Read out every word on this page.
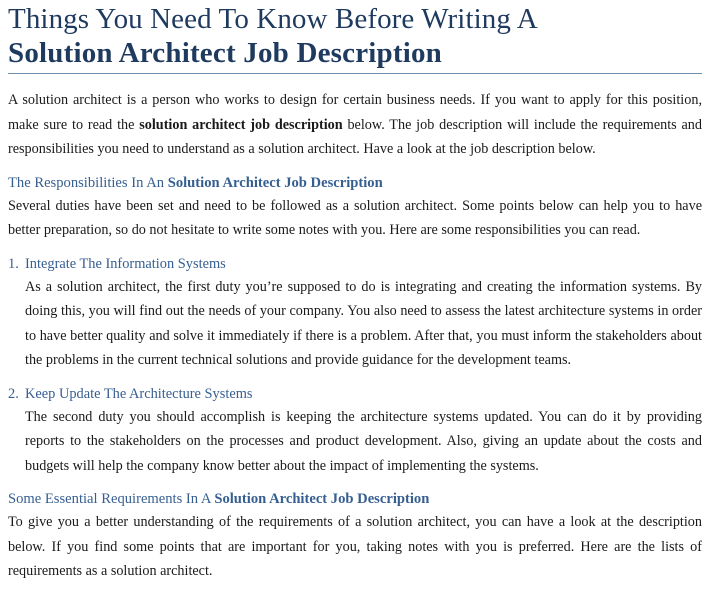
Things You Need To Know Before Writing A
Solution Architect Job Description

A solution architect is a person who works to design for certain business needs. If you want to apply for this position, make sure to read the solution architect job description below. The job description will include the requirements and responsibilities you need to understand as a solution architect. Have a look at the job description below.

The Responsibilities In An Solution Architect Job Description

Several duties have been set and need to be followed as a solution architect. Some points below can help you to have better preparation, so do not hesitate to write some notes with you. Here are some responsibilities you can read.

1. Integrate The Information Systems

As a solution architect, the first duty you’re supposed to do is integrating and creating the information systems. By doing this, you will find out the needs of your company. You also need to assess the latest architecture systems in order to have better quality and solve it immediately if there is a problem. After that, you must inform the stakeholders about the problems in the current technical solutions and provide guidance for the development teams.

2. Keep Update The Architecture Systems

The second duty you should accomplish is keeping the architecture systems updated. You can do it by providing reports to the stakeholders on the processes and product development. Also, giving an update about the costs and budgets will help the company know better about the impact of implementing the systems.

Some Essential Requirements In A Solution Architect Job Description

To give you a better understanding of the requirements of a solution architect, you can have a look at the description below. If you find some points that are important for you, taking notes with you is preferred. Here are the lists of requirements as a solution architect.
